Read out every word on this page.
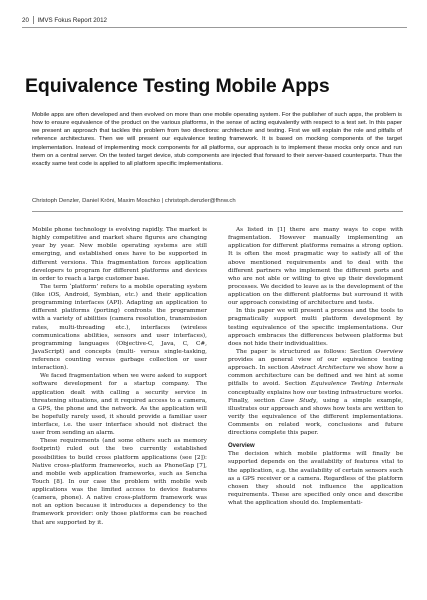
20	IMVS Fokus Report 2012
Equivalence Testing Mobile Apps

Mobile apps are often developed and then evolved on more than one mobile operating system. For the publisher of such apps, the problem is how to ensure equivalence of the product on the various platforms, in the sense of acting equivalently with respect to a test set. In this paper we present an approach that tackles this problem from two directions: architecture and testing. First we will explain the role and pitfalls of reference architectures. Then we will present our equivalence testing framework. It is based on mocking components of the target implementation. Instead of implementing mock components for all platforms, our approach is to implement these mocks only once and run them on a central server. On the tested target device, stub components are injected that forward to their server-based counterparts. Thus the exactly same test code is applied to all platform specific implementations.

Christoph Denzler, Daniel Kröni, Maxim Moschko | christoph.denzler@fhnw.ch

Mobile phone technology is evolving rapidly. The market is highly competitive and market share figures are changing year by year. New mobile operating systems are still emerging, and established ones have to be supported in different versions. This fragmentation forces application developers to program for different platforms and devices in order to reach a large customer base.

The term ‘platform’ refers to a mobile operating system (like iOS, Android, Symbian, etc.) and their application programming interfaces (API). Adapting an application to different platforms (porting) confronts the programmer with a variety of abilities (camera resolution, transmission rates, multi-threading etc.), interfaces (wireless communications abilities, sensors and user interfaces), programming languages (Objective-C, Java, C, C#, JavaScript) and concepts (multi- versus single-tasking, reference counting versus garbage collection or user interaction).

We faced fragmentation when we were asked to support software development for a startup company. The application dealt with calling a security service in threatening situations, and it required access to a camera, a GPS, the phone and the network. As the application will be hopefully rarely used, it should provide a familiar user interface, i.e. the user interface should not distract the user from sending an alarm.

These requirements (and some others such as memory footprint) ruled out the two currently established possibilities to build cross platform applications (see [2]): Native cross-platform frameworks, such as PhoneGap [7], and mobile web application frameworks, such as Sencha Touch [8]. In our case the problem with mobile web applications was the limited access to device features (camera, phone). A native cross-platform framework was not an option because it introduces a dependency to the framework provider: only those platforms can be reached that are supported by it.

As listed in [1] there are many ways to cope with fragmentation. However manually implementing an application for different platforms remains a strong option. It is often the most pragmatic way to satisfy all of the above mentioned requirements and to deal with the different partners who implement the different ports and who are not able or willing to give up their development processes. We decided to leave as is the development of the application on the different platforms but surround it with our approach consisting of architecture and tests.

In this paper we will present a process and the tools to pragmatically support multi platform development by testing equivalence of the specific implementations. Our approach embraces the differences between platforms but does not hide their individualities.

The paper is structured as follows: Section Overview provides an general view of our equivalence testing approach. In section Abstract Architecture we show how a common architecture can be defined and we hint at some pitfalls to avoid. Section Equivalence Testing Internals conceptually explains how our testing infrastructure works. Finally, section Case Study, using a simple example, illustrates our approach and shows how tests are written to verify the equivalence of the different implementations. Comments on related work, conclusions and future directions complete this paper.

Overview

The decision which mobile platforms will finally be supported depends on the availability of features vital to the application, e.g. the availability of certain sensors such as a GPS receiver or a camera. Regardless of the platform chosen they should not influence the application requirements. These are specified only once and describe what the application should do. Implementati-
